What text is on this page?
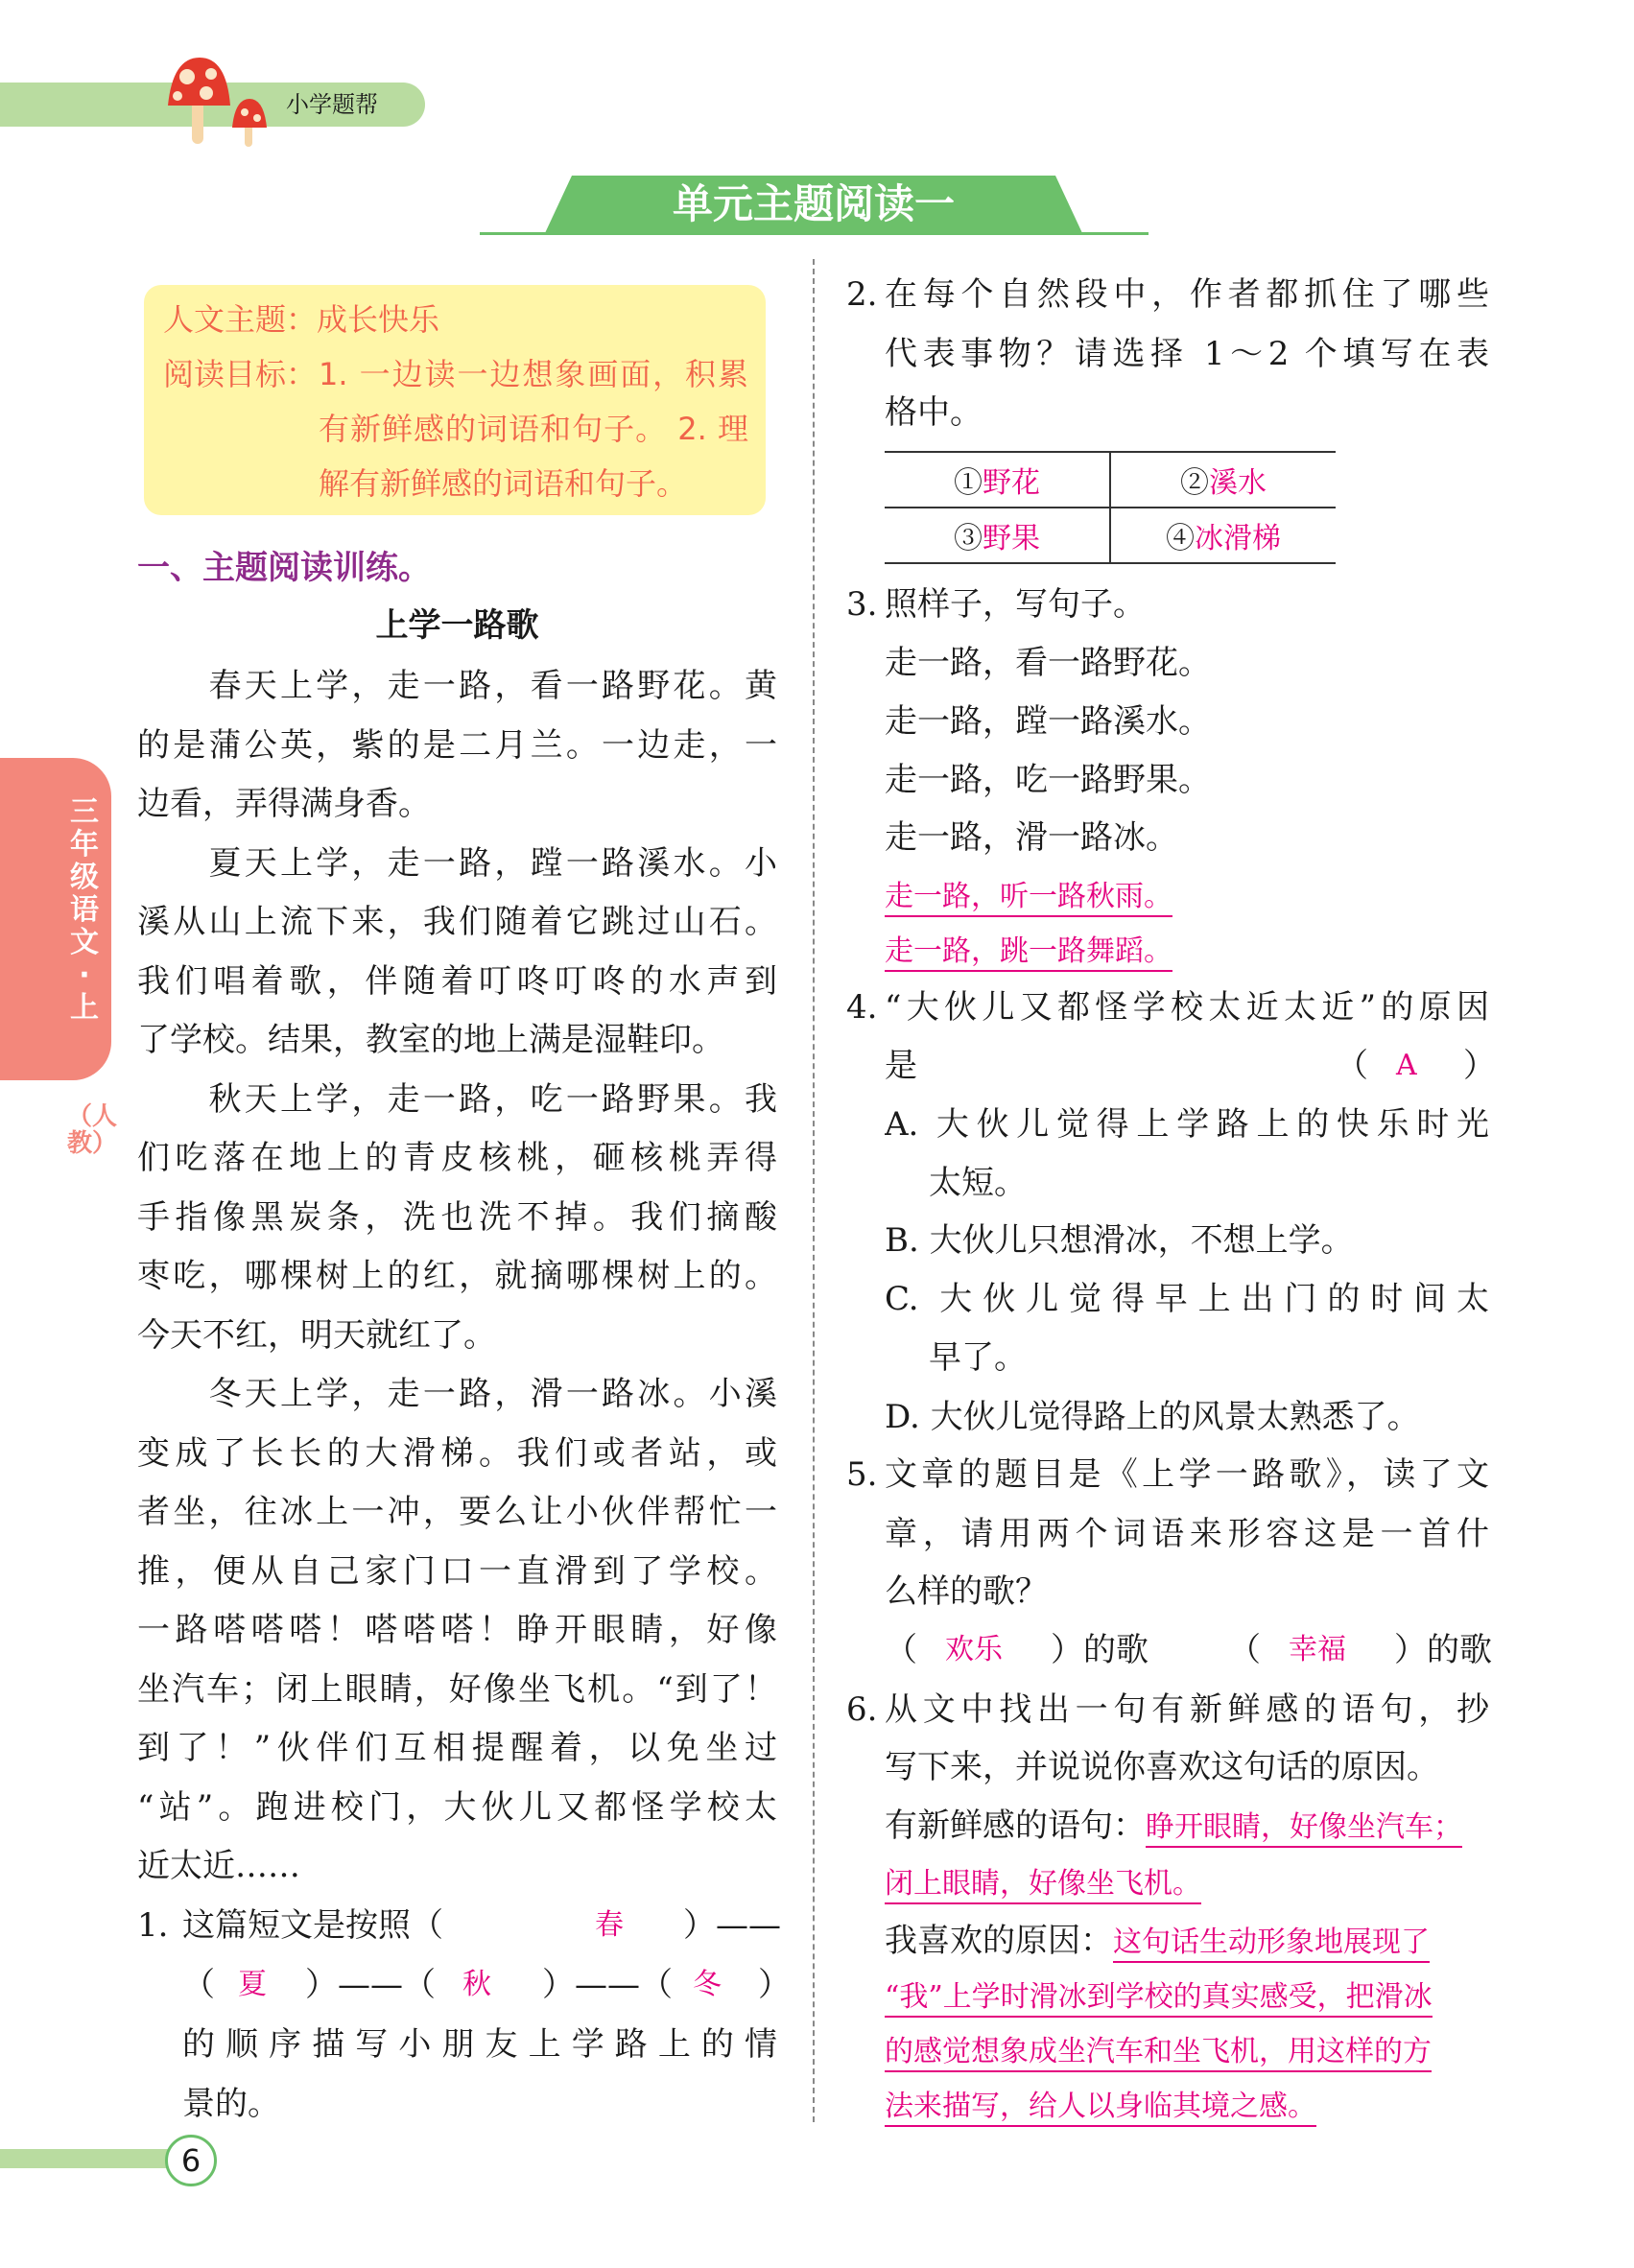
小学题帮
单元主题阅读一
三年级语文·上
（人教）
人文主题：成长快乐
阅读目标： 1. 一边读一边想象画面，积累
有新鲜感的词语和句子。 2. 理
解有新鲜感的词语和句子。
一、主题阅读训练。
上学一路歌
　　春天上学，走一路，看一路野花。黄
的是蒲公英，紫的是二月兰。一边走，一
边看，弄得满身香。
　　夏天上学，走一路，蹚一路溪水。小
溪从山上流下来，我们随着它跳过山石。
我们唱着歌，伴随着叮咚叮咚的水声到
了学校。结果，教室的地上满是湿鞋印。
　　秋天上学，走一路，吃一路野果。我
们吃落在地上的青皮核桃，砸核桃弄得
手指像黑炭条，洗也洗不掉。我们摘酸
枣吃，哪棵树上的红，就摘哪棵树上的。
今天不红，明天就红了。
　　冬天上学，走一路，滑一路冰。小溪
变成了长长的大滑梯。我们或者站，或
者坐，往冰上一冲，要么让小伙伴帮忙一
推，便从自己家门口一直滑到了学校。
一路嗒嗒嗒！嗒嗒嗒！睁开眼睛，好像
坐汽车；闭上眼睛，好像坐飞机。“到了！
到了！”伙伴们互相提醒着，以免坐过
“站”。跑进校门，大伙儿又都怪学校太
近太近……
1. 这篇短文是按照（	春 ）——
（ 夏 ）——（ 秋 ）——（ 冬 ）
的顺序描写小朋友上学路上的情
景的。
2. 在每个自然段中，作者都抓住了哪些
代表事物？请选择 1～2 个填写在表
格中。
①野花	②溪水
③野果	④冰滑梯
3. 照样子，写句子。
走一路，看一路野花。
走一路，蹚一路溪水。
走一路，吃一路野果。
走一路，滑一路冰。
走一路，听一路秋雨。
走一路，跳一路舞蹈。
4. “大伙儿又都怪学校太近太近”的原因
是	（ A ）
A. 大伙儿觉得上学路上的快乐时光
太短。
B. 大伙儿只想滑冰，不想上学。
C. 大伙儿觉得早上出门的时间太
早了。
D. 大伙儿觉得路上的风景太熟悉了。
5. 文章的题目是《上学一路歌》，读了文
章，请用两个词语来形容这是一首什
么样的歌？
（ 欢乐 ）的歌 （ 幸福 ）的歌
6. 从文中找出一句有新鲜感的语句，抄
写下来，并说说你喜欢这句话的原因。
有新鲜感的语句：睁开眼睛，好像坐汽车；
闭上眼睛，好像坐飞机。
我喜欢的原因：这句话生动形象地展现了
“我”上学时滑冰到学校的真实感受，把滑冰
的感觉想象成坐汽车和坐飞机，用这样的方
法来描写，给人以身临其境之感。
6
